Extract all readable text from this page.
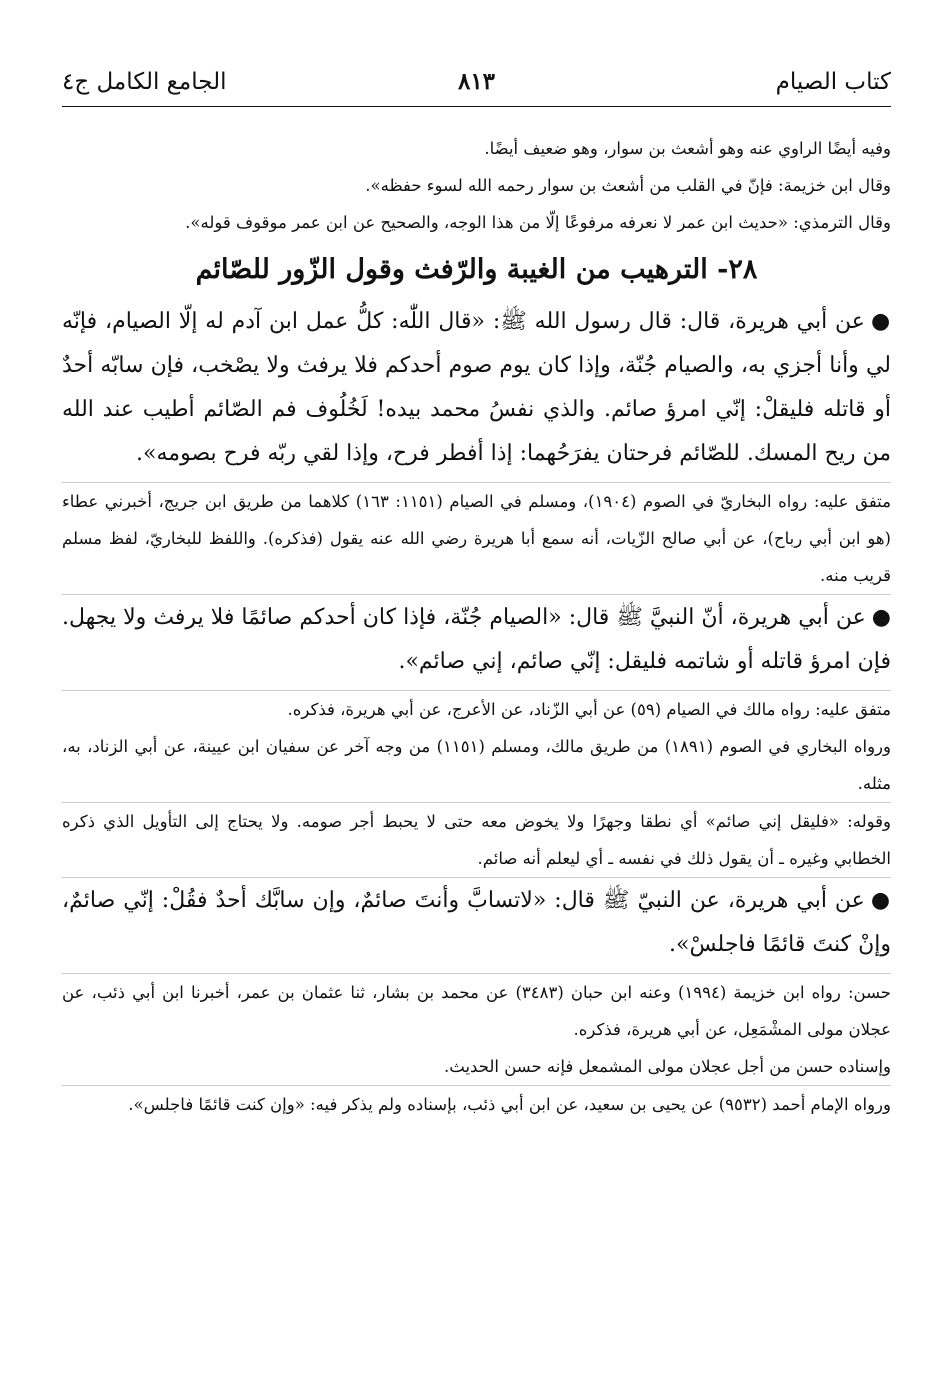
كتاب الصيام
٨١٣
الجامع الكامل ج٤

وفيه أيضًا الراوي عنه وهو أشعث بن سوار، وهو ضعيف أيضًا.

وقال ابن خزيمة: فإنّ في القلب من أشعث بن سوار رحمه الله لسوء حفظه».

وقال الترمذي: «حديث ابن عمر لا نعرفه مرفوعًا إلّا من هذا الوجه، والصحيح عن ابن عمر موقوف قوله».

٢٨- الترهيب من الغيبة والرّفث وقول الزّور للصّائم

●عن أبي هريرة، قال: قال رسول الله ﷺ: «قال اللّٰه: كلُّ عمل ابن آدم له إلّا الصيام، فإنّه لي وأنا أجزي به، والصيام جُنّة، وإذا كان يوم صوم أحدكم فلا يرفث ولا يصْخب، فإن سابّه أحدٌ أو قاتله فليقلْ: إنّي امرؤ صائم. والذي نفسُ محمد بيده! لَخُلُوف فم الصّائم أطيب عند الله من ريح المسك. للصّائم فرحتان يفرَحُهما: إذا أفطر فرح، وإذا لقي ربّه فرح بصومه».

متفق عليه: رواه البخاريّ في الصوم (١٩٠٤)، ومسلم في الصيام (١١٥١: ١٦٣) كلاهما من طريق ابن جريج، أخبرني عطاء (هو ابن أبي رباح)، عن أبي صالح الزّيات، أنه سمع أبا هريرة رضي الله عنه يقول (فذكره). واللفظ للبخاريّ، لفظ مسلم قريب منه.

●عن أبي هريرة، أنّ النبيَّ ﷺ قال: «الصيام جُنّة، فإذا كان أحدكم صائمًا فلا يرفث ولا يجهل. فإن امرؤ قاتله أو شاتمه فليقل: إنّي صائم، إني صائم».

متفق عليه: رواه مالك في الصيام (٥٩) عن أبي الزّناد، عن الأعرج، عن أبي هريرة، فذكره.

ورواه البخاري في الصوم (١٨٩١) من طريق مالك، ومسلم (١١٥١) من وجه آخر عن سفيان ابن عيينة، عن أبي الزناد، به، مثله.

وقوله: «فليقل إني صائم» أي نطقا وجهرًا ولا يخوض معه حتى لا يحبط أجر صومه. ولا يحتاج إلى التأويل الذي ذكره الخطابي وغيره ـ أن يقول ذلك في نفسه ـ أي ليعلم أنه صائم.

●عن أبي هريرة، عن النبيّ ﷺ قال: «لاتسابَّ وأنتَ صائمٌ، وإن سابَّك أحدٌ فقُلْ: إنّي صائمٌ، وإنْ كنتَ قائمًا فاجلسْ».

حسن: رواه ابن خزيمة (١٩٩٤) وعنه ابن حبان (٣٤٨٣) عن محمد بن بشار، ثنا عثمان بن عمر، أخبرنا ابن أبي ذئب، عن عجلان مولى المشْمَعِل، عن أبي هريرة، فذكره.

وإسناده حسن من أجل عجلان مولى المشمعل فإنه حسن الحديث.

ورواه الإمام أحمد (٩٥٣٢) عن يحيى بن سعيد، عن ابن أبي ذئب، بإسناده ولم يذكر فيه: «وإن كنت قائمًا فاجلس».
